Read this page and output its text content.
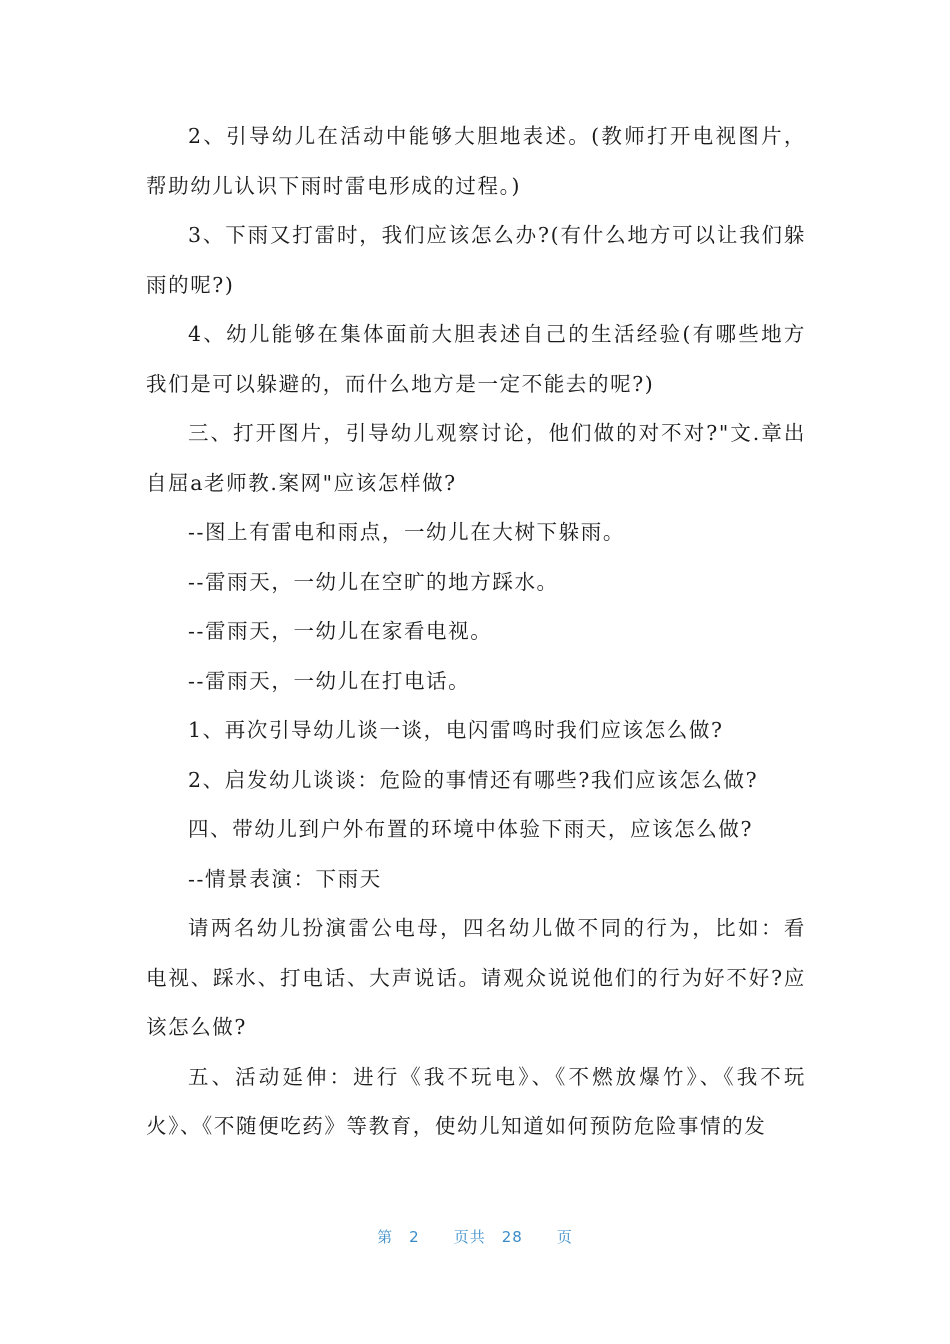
2、引导幼儿在活动中能够大胆地表述。(教师打开电视图片，帮助幼儿认识下雨时雷电形成的过程。)

3、下雨又打雷时，我们应该怎么办?(有什么地方可以让我们躲雨的呢?)

4、幼儿能够在集体面前大胆表述自己的生活经验(有哪些地方我们是可以躲避的，而什么地方是一定不能去的呢?)

三、打开图片，引导幼儿观察讨论，他们做的对不对?"文.章出自屈a老师教.案网"应该怎样做?

--图上有雷电和雨点，一幼儿在大树下躲雨。

--雷雨天，一幼儿在空旷的地方踩水。

--雷雨天，一幼儿在家看电视。

--雷雨天，一幼儿在打电话。

1、再次引导幼儿谈一谈，电闪雷鸣时我们应该怎么做?

2、启发幼儿谈谈：危险的事情还有哪些?我们应该怎么做?

四、带幼儿到户外布置的环境中体验下雨天，应该怎么做?

--情景表演：下雨天

请两名幼儿扮演雷公电母，四名幼儿做不同的行为，比如：看电视、踩水、打电话、大声说话。请观众说说他们的行为好不好?应该怎么做?

五、活动延伸：进行《我不玩电》、《不燃放爆竹》、《我不玩火》、《不随便吃药》等教育，使幼儿知道如何预防危险事情的发

第 2 页共 28 页
